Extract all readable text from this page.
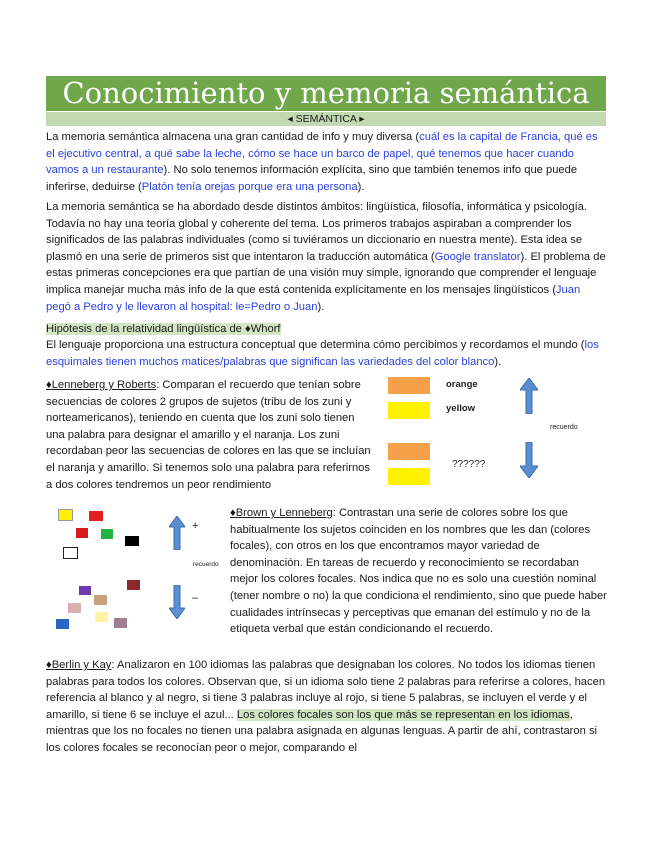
Conocimiento y memoria semántica
◂ SEMÁNTICA ▸

La memoria semántica almacena una gran cantidad de info y muy diversa (cuál es la capital de Francia, qué es el ejecutivo central, a qué sabe la leche, cómo se hace un barco de papel, qué tenemos que hacer cuando vamos a un restaurante). No solo tenemos información explícita, sino que también tenemos info que puede inferirse, deduirse (Platón tenía orejas porque era una persona).

La memoria semántica se ha abordado desde distintos ámbitos: lingüística, filosofía, informática y psicología. Todavía no hay una teoría global y coherente del tema. Los primeros trabajos aspiraban a comprender los significados de las palabras individuales (como si tuviéramos un diccionario en nuestra mente). Esta idea se plasmó en una serie de primeros sist que intentaron la traducción automática (Google translator). El problema de estas primeras concepciones era que partían de una visión muy simple, ignorando que comprender el lenguaje implica manejar mucha más info de la que está contenida explícitamente en los mensajes lingüísticos (Juan pegó a Pedro y le llevaron al hospital: le=Pedro o Juan).

Hipótesis de la relatividad lingüística de ♦Whorf

El lenguaje proporciona una estructura conceptual que determina cómo percibimos y recordamos el mundo (los esquimales tienen muchos matices/palabras que significan las variedades del color blanco).

♦Lenneberg y Roberts: Comparan el recuerdo que tenían sobre secuencias de colores 2 grupos de sujetos (tribu de los zuni y norteamericanos), teniendo en cuenta que los zuni solo tienen una palabra para designar el amarillo y el naranja. Los zuni recordaban peor las secuencias de colores en las que se incluían el naranja y amarillo. Si tenemos solo una palabra para referirnos a dos colores tendremos un peor rendimiento

orange
yellow
??????
recuerdo
+
recuerdo
–

♦Brown y Lenneberg: Contrastan una serie de colores sobre los que habitualmente los sujetos coinciden en los nombres que les dan (colores focales), con otros en los que encontramos mayor variedad de denominación. En tareas de recuerdo y reconocimiento se recordaban mejor los colores focales. Nos indica que no es solo una cuestión nominal (tener nombre o no) la que condiciona el rendimiento, sino que puede haber cualidades intrínsecas y perceptivas que emanan del estímulo y no de la etiqueta verbal que están condicionando el recuerdo.

♦Berlin y Kay: Analizaron en 100 idiomas las palabras que designaban los colores. No todos los idiomas tienen palabras para todos los colores. Observan que, si un idioma solo tiene 2 palabras para referirse a colores, hacen referencia al blanco y al negro, si tiene 3 palabras incluye al rojo, si tiene 5 palabras, se incluyen el verde y el amarillo, si tiene 6 se incluye el azul... Los colores focales son los que más se representan en los idiomas, mientras que los no focales no tienen una palabra asignada en algunas lenguas. A partir de ahí, contrastaron si los colores focales se reconocían peor o mejor, comparando el
